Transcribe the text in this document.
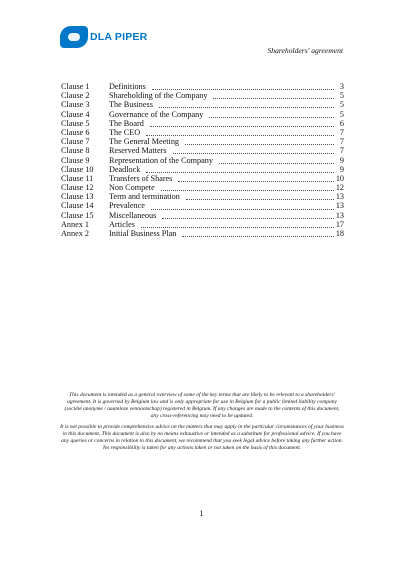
DLA PIPER
Shareholders' agreement
Clause 1	Definitions	3
Clause 2	Shareholding of the Company	5
Clause 3	The Business	5
Clause 4	Governance of the Company	5
Clause 5	The Board	6
Clause 6	The CEO	7
Clause 7	The General Meeting	7
Clause 8	Reserved Matters	7
Clause 9	Representation of the Company	9
Clause 10	Deadlock	9
Clause 11	Transfers of Shares	10
Clause 12	Non Compete	12
Clause 13	Term and termination	13
Clause 14	Prevalence	13
Clause 15	Miscellaneous	13
Annex 1	Articles	17
Annex 2	Initial Business Plan	18

This document is intended as a general overview of some of the key terms that are likely to be relevant to a shareholders' agreement. It is governed by Belgium law and is only appropriate for use in Belgium for a public limited liability company (société anonyme / naamloze vennootschap) registered in Belgium. If any changes are made to the contents of this document, any cross-referencing may need to be updated.

It is not possible to provide comprehensive advice on the matters that may apply in the particular circumstances of your business in this document. This document is also by no means exhaustive or intended as a substitute for professional advice. If you have any queries or concerns in relation to this document, we recommend that you seek legal advice before taking any further action. No responsibility is taken for any actions taken or not taken on the basis of this document.

1
